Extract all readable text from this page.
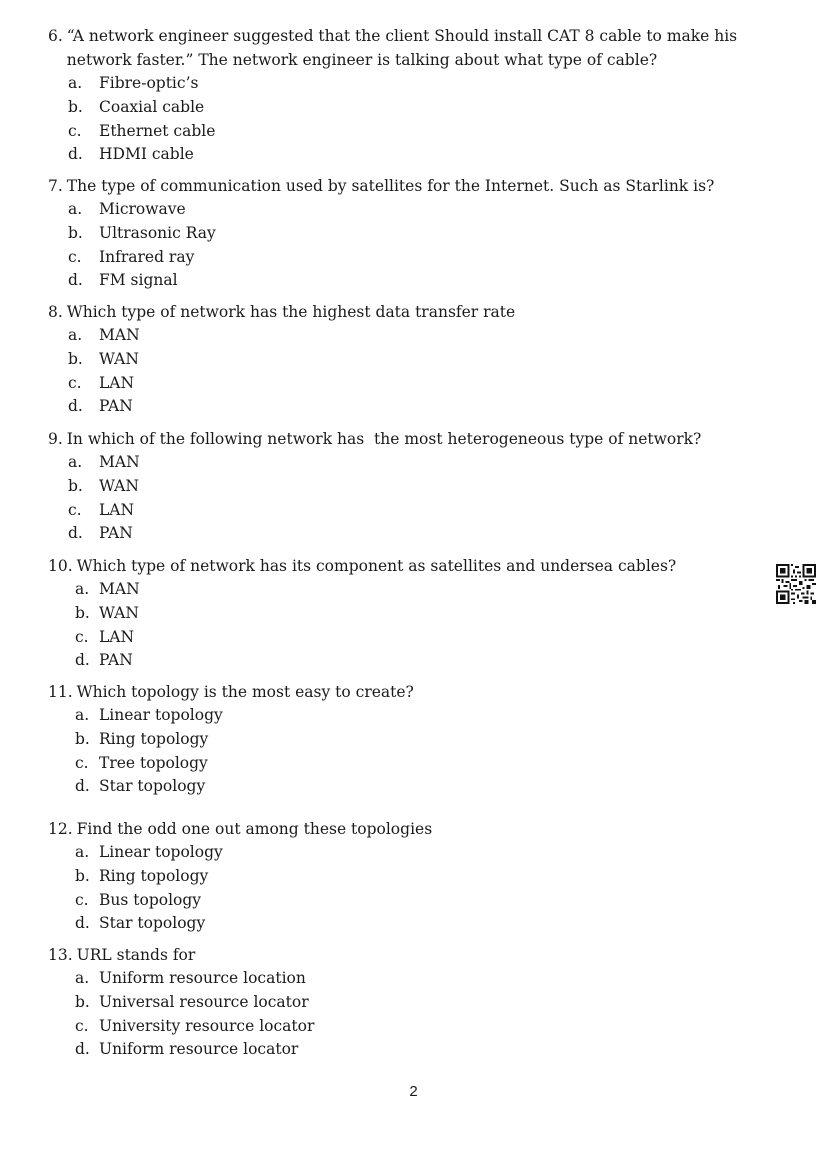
6. “A network engineer suggested that the client Should install CAT 8 cable to make his network faster.” The network engineer is talking about what type of cable?
a. Fibre-optic’s
b. Coaxial cable
c. Ethernet cable
d. HDMI cable
7. The type of communication used by satellites for the Internet. Such as Starlink is?
a. Microwave
b. Ultrasonic Ray
c. Infrared ray
d. FM signal
8. Which type of network has the highest data transfer rate
a. MAN
b. WAN
c. LAN
d. PAN
9. In which of the following network has  the most heterogeneous type of network?
a. MAN
b. WAN
c. LAN
d. PAN
10. Which type of network has its component as satellites and undersea cables?
a. MAN
b. WAN
c. LAN
d. PAN
11. Which topology is the most easy to create?
a. Linear topology
b. Ring topology
c. Tree topology
d. Star topology
12. Find the odd one out among these topologies
a. Linear topology
b. Ring topology
c. Bus topology
d. Star topology
13. URL stands for
a. Uniform resource location
b. Universal resource locator
c. University resource locator
d. Uniform resource locator
2
